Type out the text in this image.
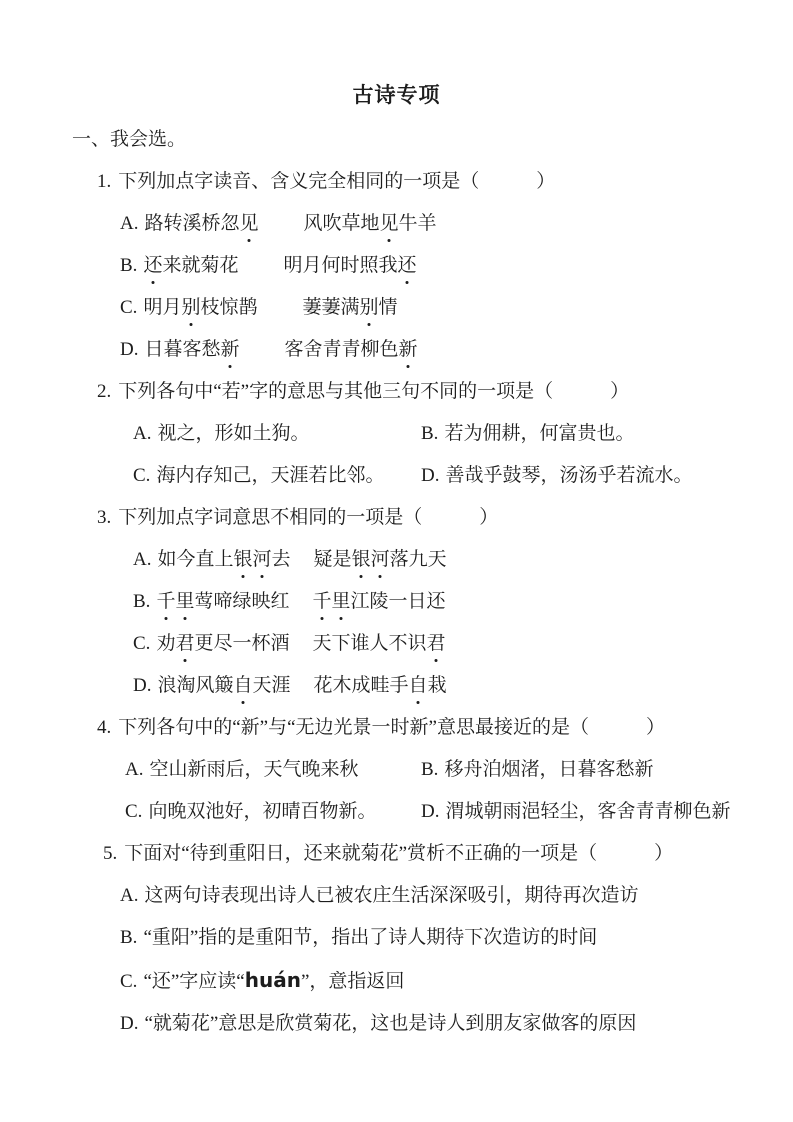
古诗专项
一、我会选。
1. 下列加点字读音、含义完全相同的一项是（　　　）
A. 路转溪桥忽见 风吹草地见牛羊
B. 还来就菊花 明月何时照我还
C. 明月别枝惊鹊 萋萋满别情
D. 日暮客愁新 客舍青青柳色新
2. 下列各句中“若”字的意思与其他三句不同的一项是（　　　）
A. 视之，形如土狗。	B. 若为佣耕，何富贵也。
C. 海内存知己，天涯若比邻。	D. 善哉乎鼓琴，汤汤乎若流水。
3. 下列加点字词意思不相同的一项是（　　　）
A. 如今直上银河去 疑是银河落九天
B. 千里莺啼绿映红 千里江陵一日还
C. 劝君更尽一杯酒 天下谁人不识君
D. 浪淘风簸自天涯 花木成畦手自栽
4. 下列各句中的“新”与“无边光景一时新”意思最接近的是（　　　）
A. 空山新雨后，天气晚来秋	B. 移舟泊烟渚，日暮客愁新
C. 向晚双池好，初晴百物新。	D. 渭城朝雨浥轻尘，客舍青青柳色新
5. 下面对“待到重阳日，还来就菊花”赏析不正确的一项是（　　　）
A. 这两句诗表现出诗人已被农庄生活深深吸引，期待再次造访
B. “重阳”指的是重阳节，指出了诗人期待下次造访的时间
C. “还”字应读“huán”，意指返回
D. “就菊花”意思是欣赏菊花，这也是诗人到朋友家做客的原因
